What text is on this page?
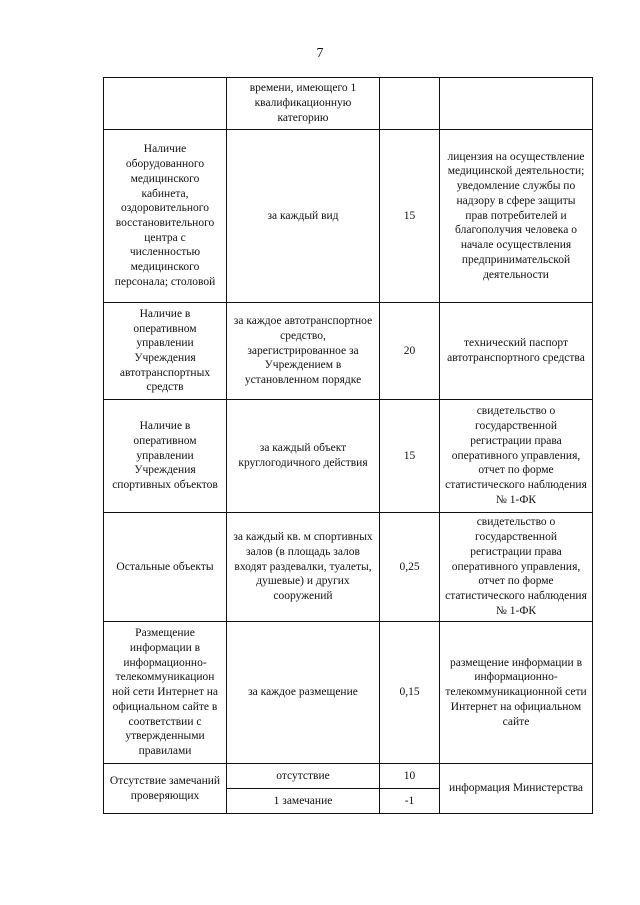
7
	времени, имеющего 1 квалификационную категорию		
Наличие оборудованного медицинского кабинета, оздоровительного восстановительного центра с численностью медицинского персонала; столовой	за каждый вид	15	лицензия на осуществление медицинской деятельности; уведомление службы по надзору в сфере защиты прав потребителей и благополучия человека о начале осуществления предпринимательской деятельности
Наличие в оперативном управлении Учреждения автотранспортных средств	за каждое автотранспортное средство, зарегистрированное за Учреждением в установленном порядке	20	технический паспорт автотранспортного средства
Наличие в оперативном управлении Учреждения спортивных объектов	за каждый объект круглогодичного действия	15	свидетельство о государственной регистрации права оперативного управления, отчет по форме статистического наблюдения № 1-ФК
Остальные объекты	за каждый кв. м спортивных залов (в площадь залов входят раздевалки, туалеты, душевые) и других сооружений	0,25	свидетельство о государственной регистрации права оперативного управления, отчет по форме статистического наблюдения № 1-ФК
Размещение информации в информационно-телекоммуникацион ной сети Интернет на официальном сайте в соответствии с утвержденными правилами	за каждое размещение	0,15	размещение информации в информационно-телекоммуникационной сети Интернет на официальном сайте
Отсутствие замечаний проверяющих	отсутствие	10	информация Министерства
	1 замечание	-1	
